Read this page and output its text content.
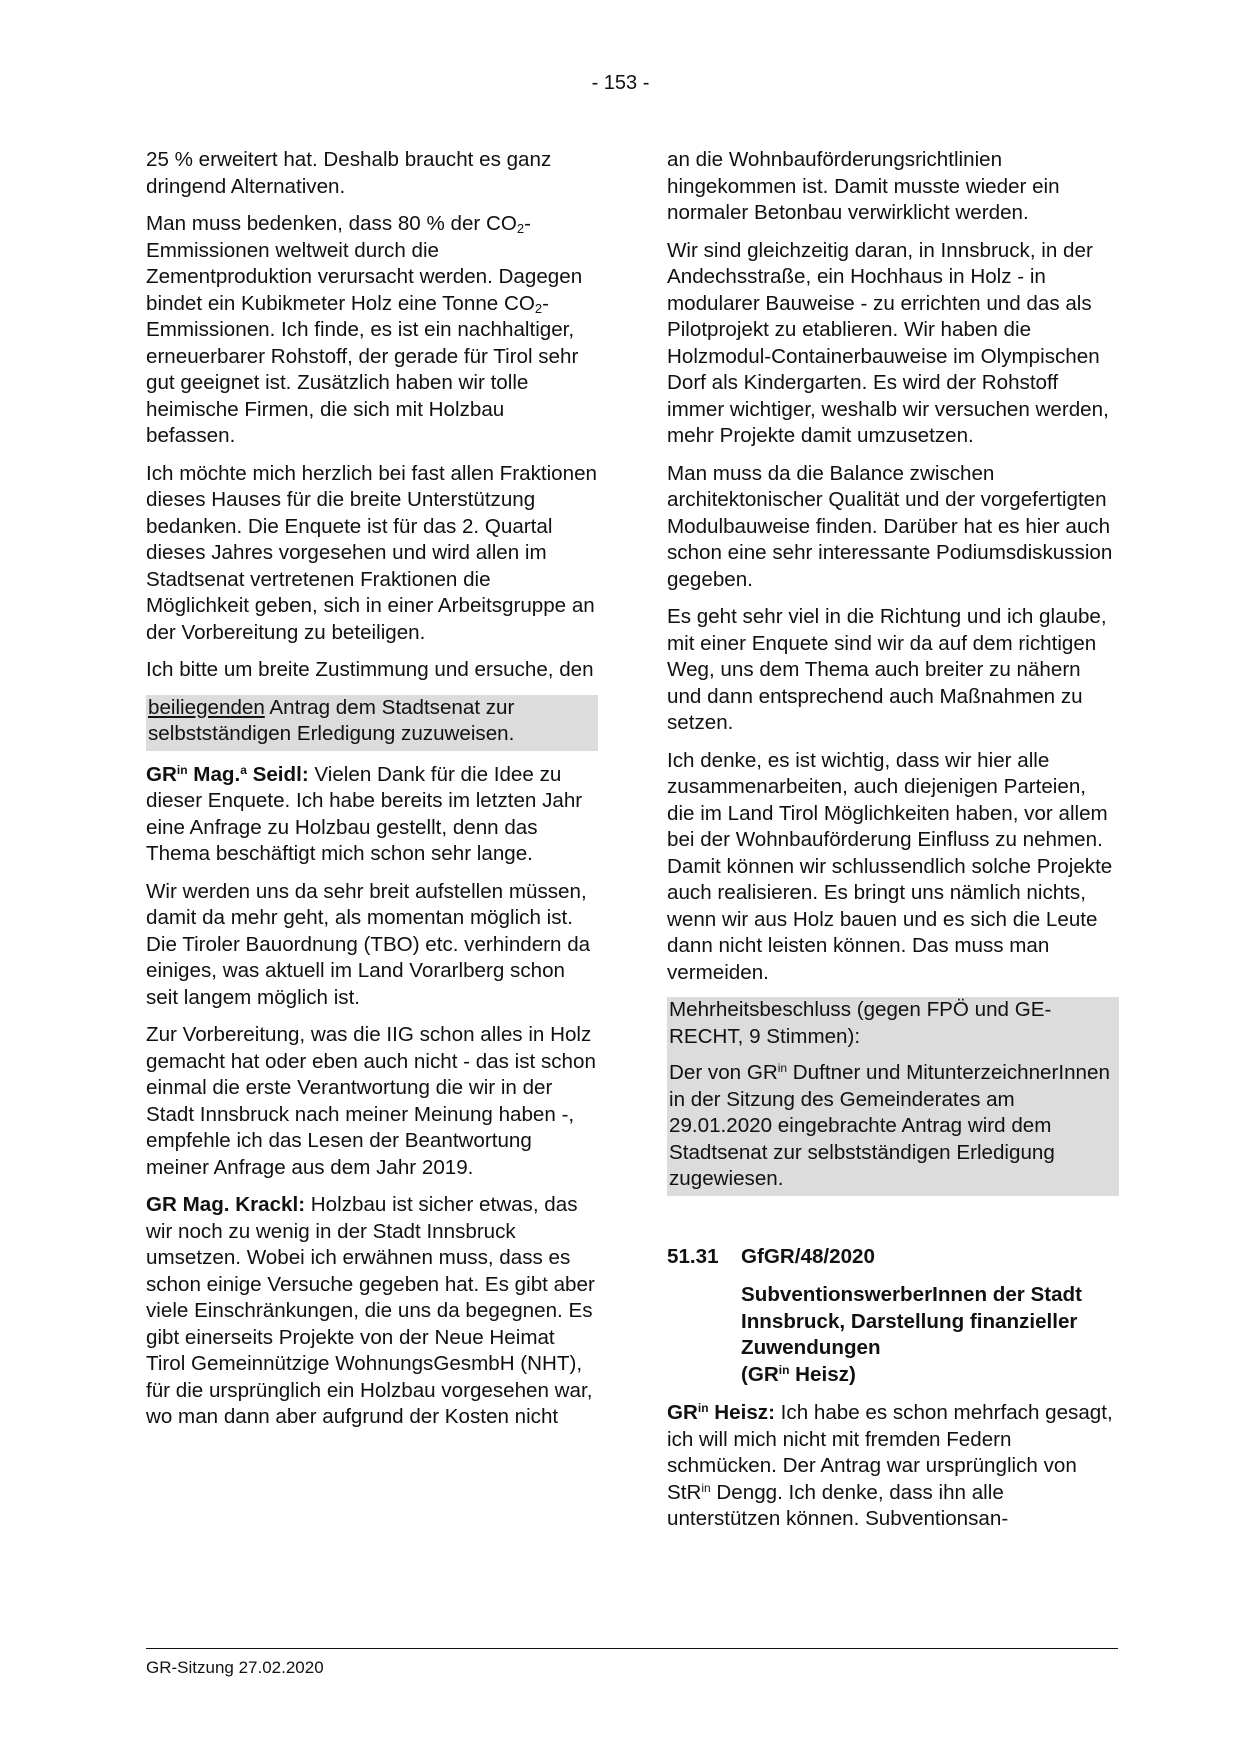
- 153 -

25 % erweitert hat. Deshalb braucht es ganz dringend Alternativen.

Man muss bedenken, dass 80 % der $CO_2$-Emmissionen weltweit durch die Zementproduktion verursacht werden. Dagegen bindet ein Kubikmeter Holz eine Tonne $CO_2$-Emmissionen. Ich finde, es ist ein nachhaltiger, erneuerbarer Rohstoff, der gerade für Tirol sehr gut geeignet ist. Zusätzlich haben wir tolle heimische Firmen, die sich mit Holzbau befassen.

Ich möchte mich herzlich bei fast allen Fraktionen dieses Hauses für die breite Unterstützung bedanken. Die Enquete ist für das 2. Quartal dieses Jahres vorgesehen und wird allen im Stadtsenat vertretenen Fraktionen die Möglichkeit geben, sich in einer Arbeitsgruppe an der Vorbereitung zu beteiligen.

Ich bitte um breite Zustimmung und ersuche, den

beiliegenden Antrag dem Stadtsenat zur selbstständigen Erledigung zuzuweisen.

$GR^{in}$ Mag.$^a$ Seidl: Vielen Dank für die Idee zu dieser Enquete. Ich habe bereits im letzten Jahr eine Anfrage zu Holzbau gestellt, denn das Thema beschäftigt mich schon sehr lange.

Wir werden uns da sehr breit aufstellen müssen, damit da mehr geht, als momentan möglich ist. Die Tiroler Bauordnung (TBO) etc. verhindern da einiges, was aktuell im Land Vorarlberg schon seit langem möglich ist.

Zur Vorbereitung, was die IIG schon alles in Holz gemacht hat oder eben auch nicht - das ist schon einmal die erste Verantwortung die wir in der Stadt Innsbruck nach meiner Meinung haben -, empfehle ich das Lesen der Beantwortung meiner Anfrage aus dem Jahr 2019.

GR Mag. Krackl: Holzbau ist sicher etwas, das wir noch zu wenig in der Stadt Innsbruck umsetzen. Wobei ich erwähnen muss, dass es schon einige Versuche gegeben hat. Es gibt aber viele Einschränkungen, die uns da begegnen. Es gibt einerseits Projekte von der Neue Heimat Tirol Gemeinnützige WohnungsGesmbH (NHT), für die ursprünglich ein Holzbau vorgesehen war, wo man dann aber aufgrund der Kosten nicht

an die Wohnbauförderungsrichtlinien hingekommen ist. Damit musste wieder ein normaler Betonbau verwirklicht werden.

Wir sind gleichzeitig daran, in Innsbruck, in der Andechsstraße, ein Hochhaus in Holz - in modularer Bauweise - zu errichten und das als Pilotprojekt zu etablieren. Wir haben die Holzmodul-Containerbauweise im Olympischen Dorf als Kindergarten. Es wird der Rohstoff immer wichtiger, weshalb wir versuchen werden, mehr Projekte damit umzusetzen.

Man muss da die Balance zwischen architektonischer Qualität und der vorgefertigten Modulbauweise finden. Darüber hat es hier auch schon eine sehr interessante Podiumsdiskussion gegeben.

Es geht sehr viel in die Richtung und ich glaube, mit einer Enquete sind wir da auf dem richtigen Weg, uns dem Thema auch breiter zu nähern und dann entsprechend auch Maßnahmen zu setzen.

Ich denke, es ist wichtig, dass wir hier alle zusammenarbeiten, auch diejenigen Parteien, die im Land Tirol Möglichkeiten haben, vor allem bei der Wohnbauförderung Einfluss zu nehmen. Damit können wir schlussendlich solche Projekte auch realisieren. Es bringt uns nämlich nichts, wenn wir aus Holz bauen und es sich die Leute dann nicht leisten können. Das muss man vermeiden.

Mehrheitsbeschluss (gegen FPÖ und GE-RECHT, 9 Stimmen):

Der von $GR^{in}$ Duftner und MitunterzeichnerInnen in der Sitzung des Gemeinderates am 29.01.2020 eingebrachte Antrag wird dem Stadtsenat zur selbstständigen Erledigung zugewiesen.

51.31	GfGR/48/2020
SubventionswerberInnen der Stadt Innsbruck, Darstellung finanzieller Zuwendungen
($GR^{in}$ Heisz)

$GR^{in}$ Heisz: Ich habe es schon mehrfach gesagt, ich will mich nicht mit fremden Federn schmücken. Der Antrag war ursprünglich von StR$^{in}$ Dengg. Ich denke, dass ihn alle unterstützen können. Subventionsan-

GR-Sitzung 27.02.2020
